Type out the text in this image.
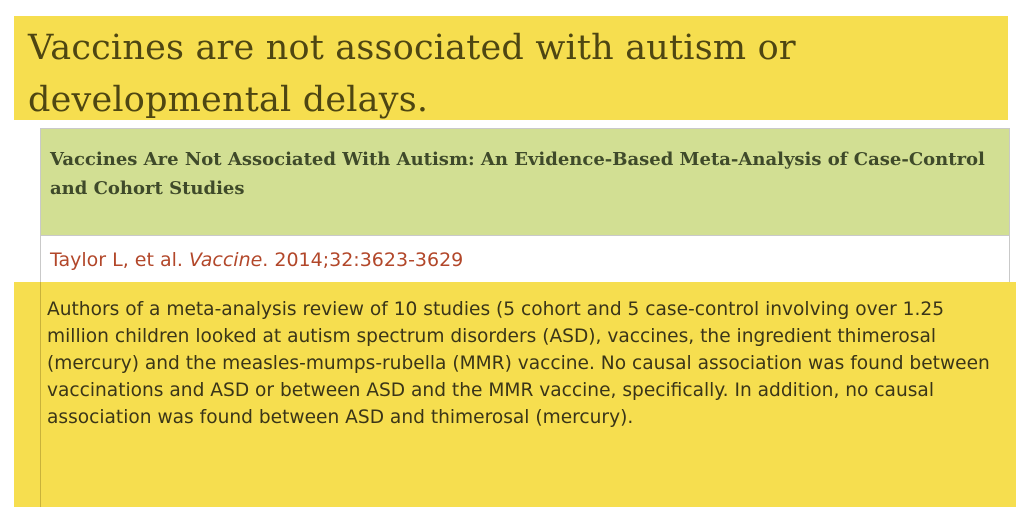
Vaccines are not associated with autism or developmental delays.

Vaccines Are Not Associated With Autism: An Evidence-Based Meta-Analysis of Case-Control and Cohort Studies

Taylor L, et al. Vaccine. 2014;32:3623-3629

Authors of a meta-analysis review of 10 studies (5 cohort and 5 case-control involving over 1.25 million children looked at autism spectrum disorders (ASD), vaccines, the ingredient thimerosal (mercury) and the measles-mumps-rubella (MMR) vaccine. No causal association was found between vaccinations and ASD or between ASD and the MMR vaccine, specifically. In addition, no causal association was found between ASD and thimerosal (mercury).
